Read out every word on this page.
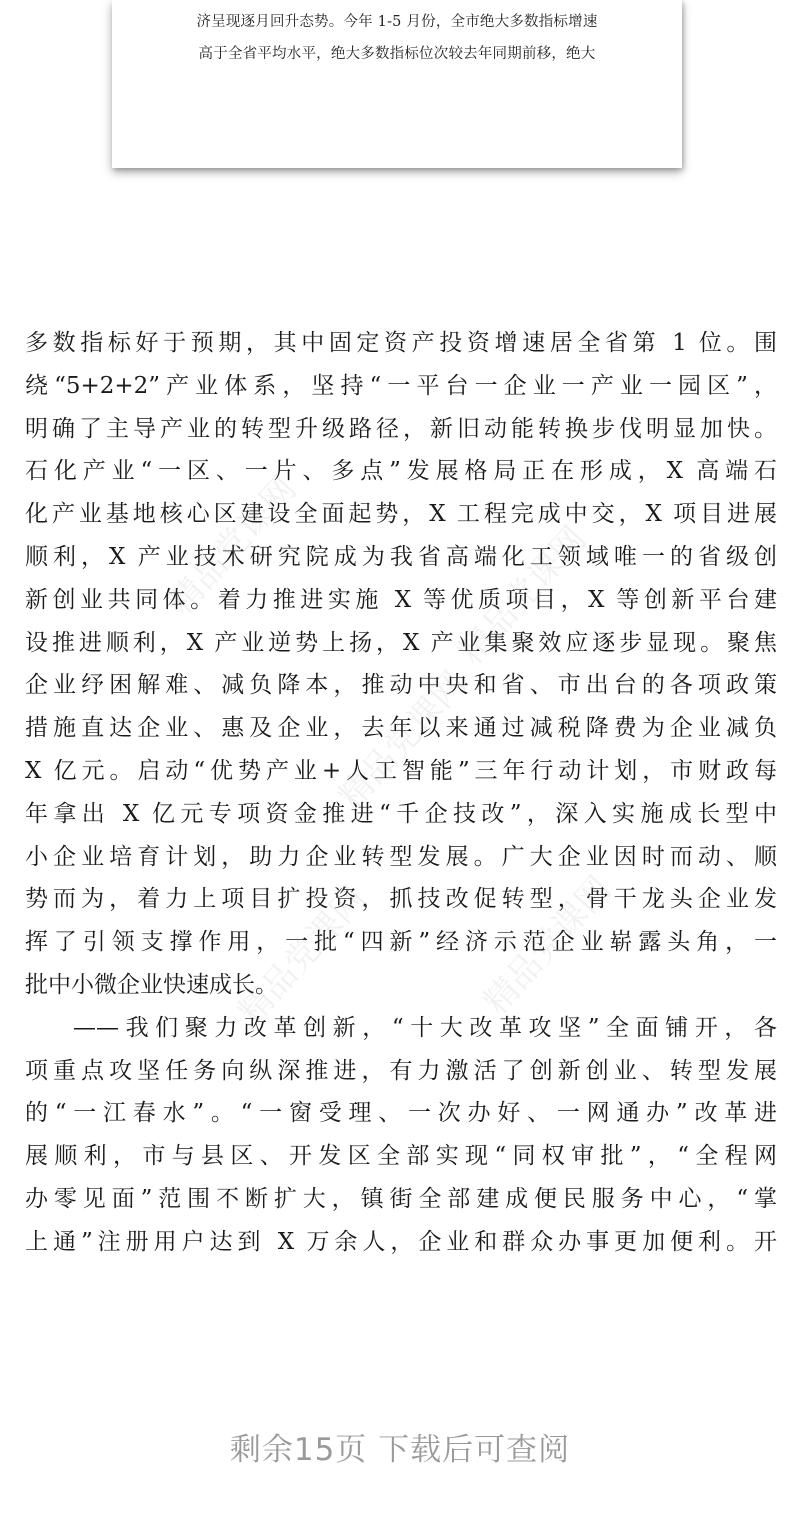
济呈现逐月回升态势。今年 1-5 月份，全市绝大多数指标增速
高于全省平均水平，绝大多数指标位次较去年同期前移，绝大
多数指标好于预期，其中固定资产投资增速居全省第 1 位。围
绕“5+2+2”产业体系，坚持“一平台一企业一产业一园区”，
明确了主导产业的转型升级路径，新旧动能转换步伐明显加快。
石化产业“一区、一片、多点”发展格局正在形成，X 高端石
化产业基地核心区建设全面起势，X 工程完成中交，X 项目进展
顺利，X 产业技术研究院成为我省高端化工领域唯一的省级创
新创业共同体。着力推进实施 X 等优质项目，X 等创新平台建
设推进顺利，X 产业逆势上扬，X 产业集聚效应逐步显现。聚焦
企业纾困解难、减负降本，推动中央和省、市出台的各项政策
措施直达企业、惠及企业，去年以来通过减税降费为企业减负
X 亿元。启动“优势产业+人工智能”三年行动计划，市财政每
年拿出 X 亿元专项资金推进“千企技改”，深入实施成长型中
小企业培育计划，助力企业转型发展。广大企业因时而动、顺
势而为，着力上项目扩投资，抓技改促转型，骨干龙头企业发
挥了引领支撑作用，一批“四新”经济示范企业崭露头角，一
批中小微企业快速成长。
——我们聚力改革创新，“十大改革攻坚”全面铺开，各
项重点攻坚任务向纵深推进，有力激活了创新创业、转型发展
的“一江春水”。“一窗受理、一次办好、一网通办”改革进
展顺利，市与县区、开发区全部实现“同权审批”，“全程网
办零见面”范围不断扩大，镇街全部建成便民服务中心，“掌
上通”注册用户达到 X 万余人，企业和群众办事更加便利。开
精品党课网
精品党课网
精品党课网
精品党课网
精品党课网
剩余15页 下载后可查阅
